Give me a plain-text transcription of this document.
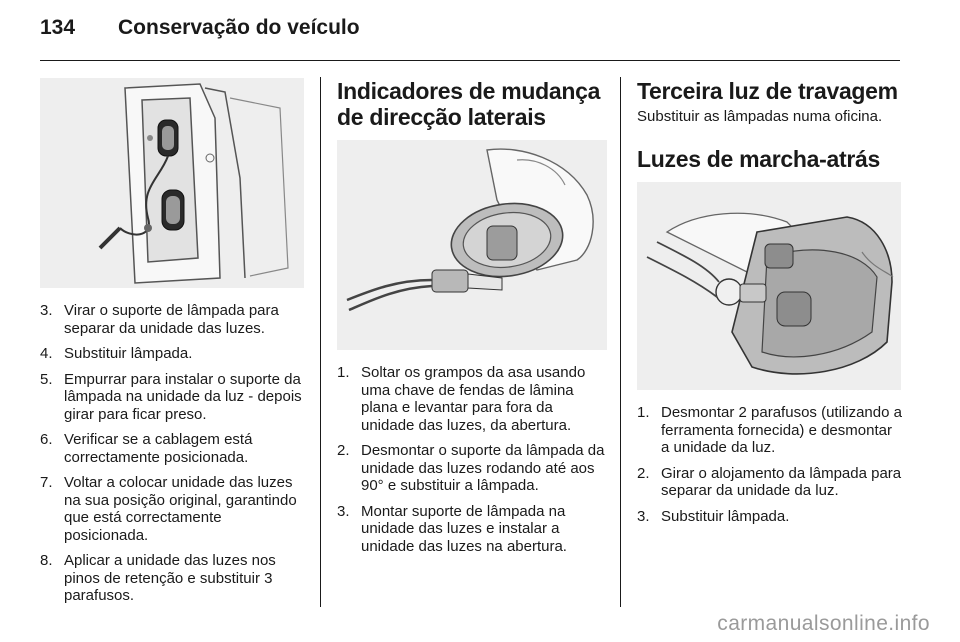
134 Conservação do veículo
3. Virar o suporte de lâmpada para separar da unidade das luzes.
4. Substituir lâmpada.
5. Empurrar para instalar o suporte da lâmpada na unidade da luz - depois girar para ficar preso.
6. Verificar se a cablagem está correctamente posicionada.
7. Voltar a colocar unidade das luzes na sua posição original, garantindo que está correctamente posicionada.
8. Aplicar a unidade das luzes nos pinos de retenção e substituir 3 parafusos.
Indicadores de mudança de direcção laterais
1. Soltar os grampos da asa usando uma chave de fendas de lâmina plana e levantar para fora da unidade das luzes, da abertura.
2. Desmontar o suporte da lâmpada da unidade das luzes rodando até aos 90° e substituir a lâmpada.
3. Montar suporte de lâmpada na unidade das luzes e instalar a unidade das luzes na abertura.
Terceira luz de travagem

Substituir as lâmpadas numa oficina.

Luzes de marcha-atrás
1. Desmontar 2 parafusos (utilizando a ferramenta fornecida) e desmontar a unidade da luz.
2. Girar o alojamento da lâmpada para separar da unidade da luz.
3. Substituir lâmpada.
carmanualsonline.info
